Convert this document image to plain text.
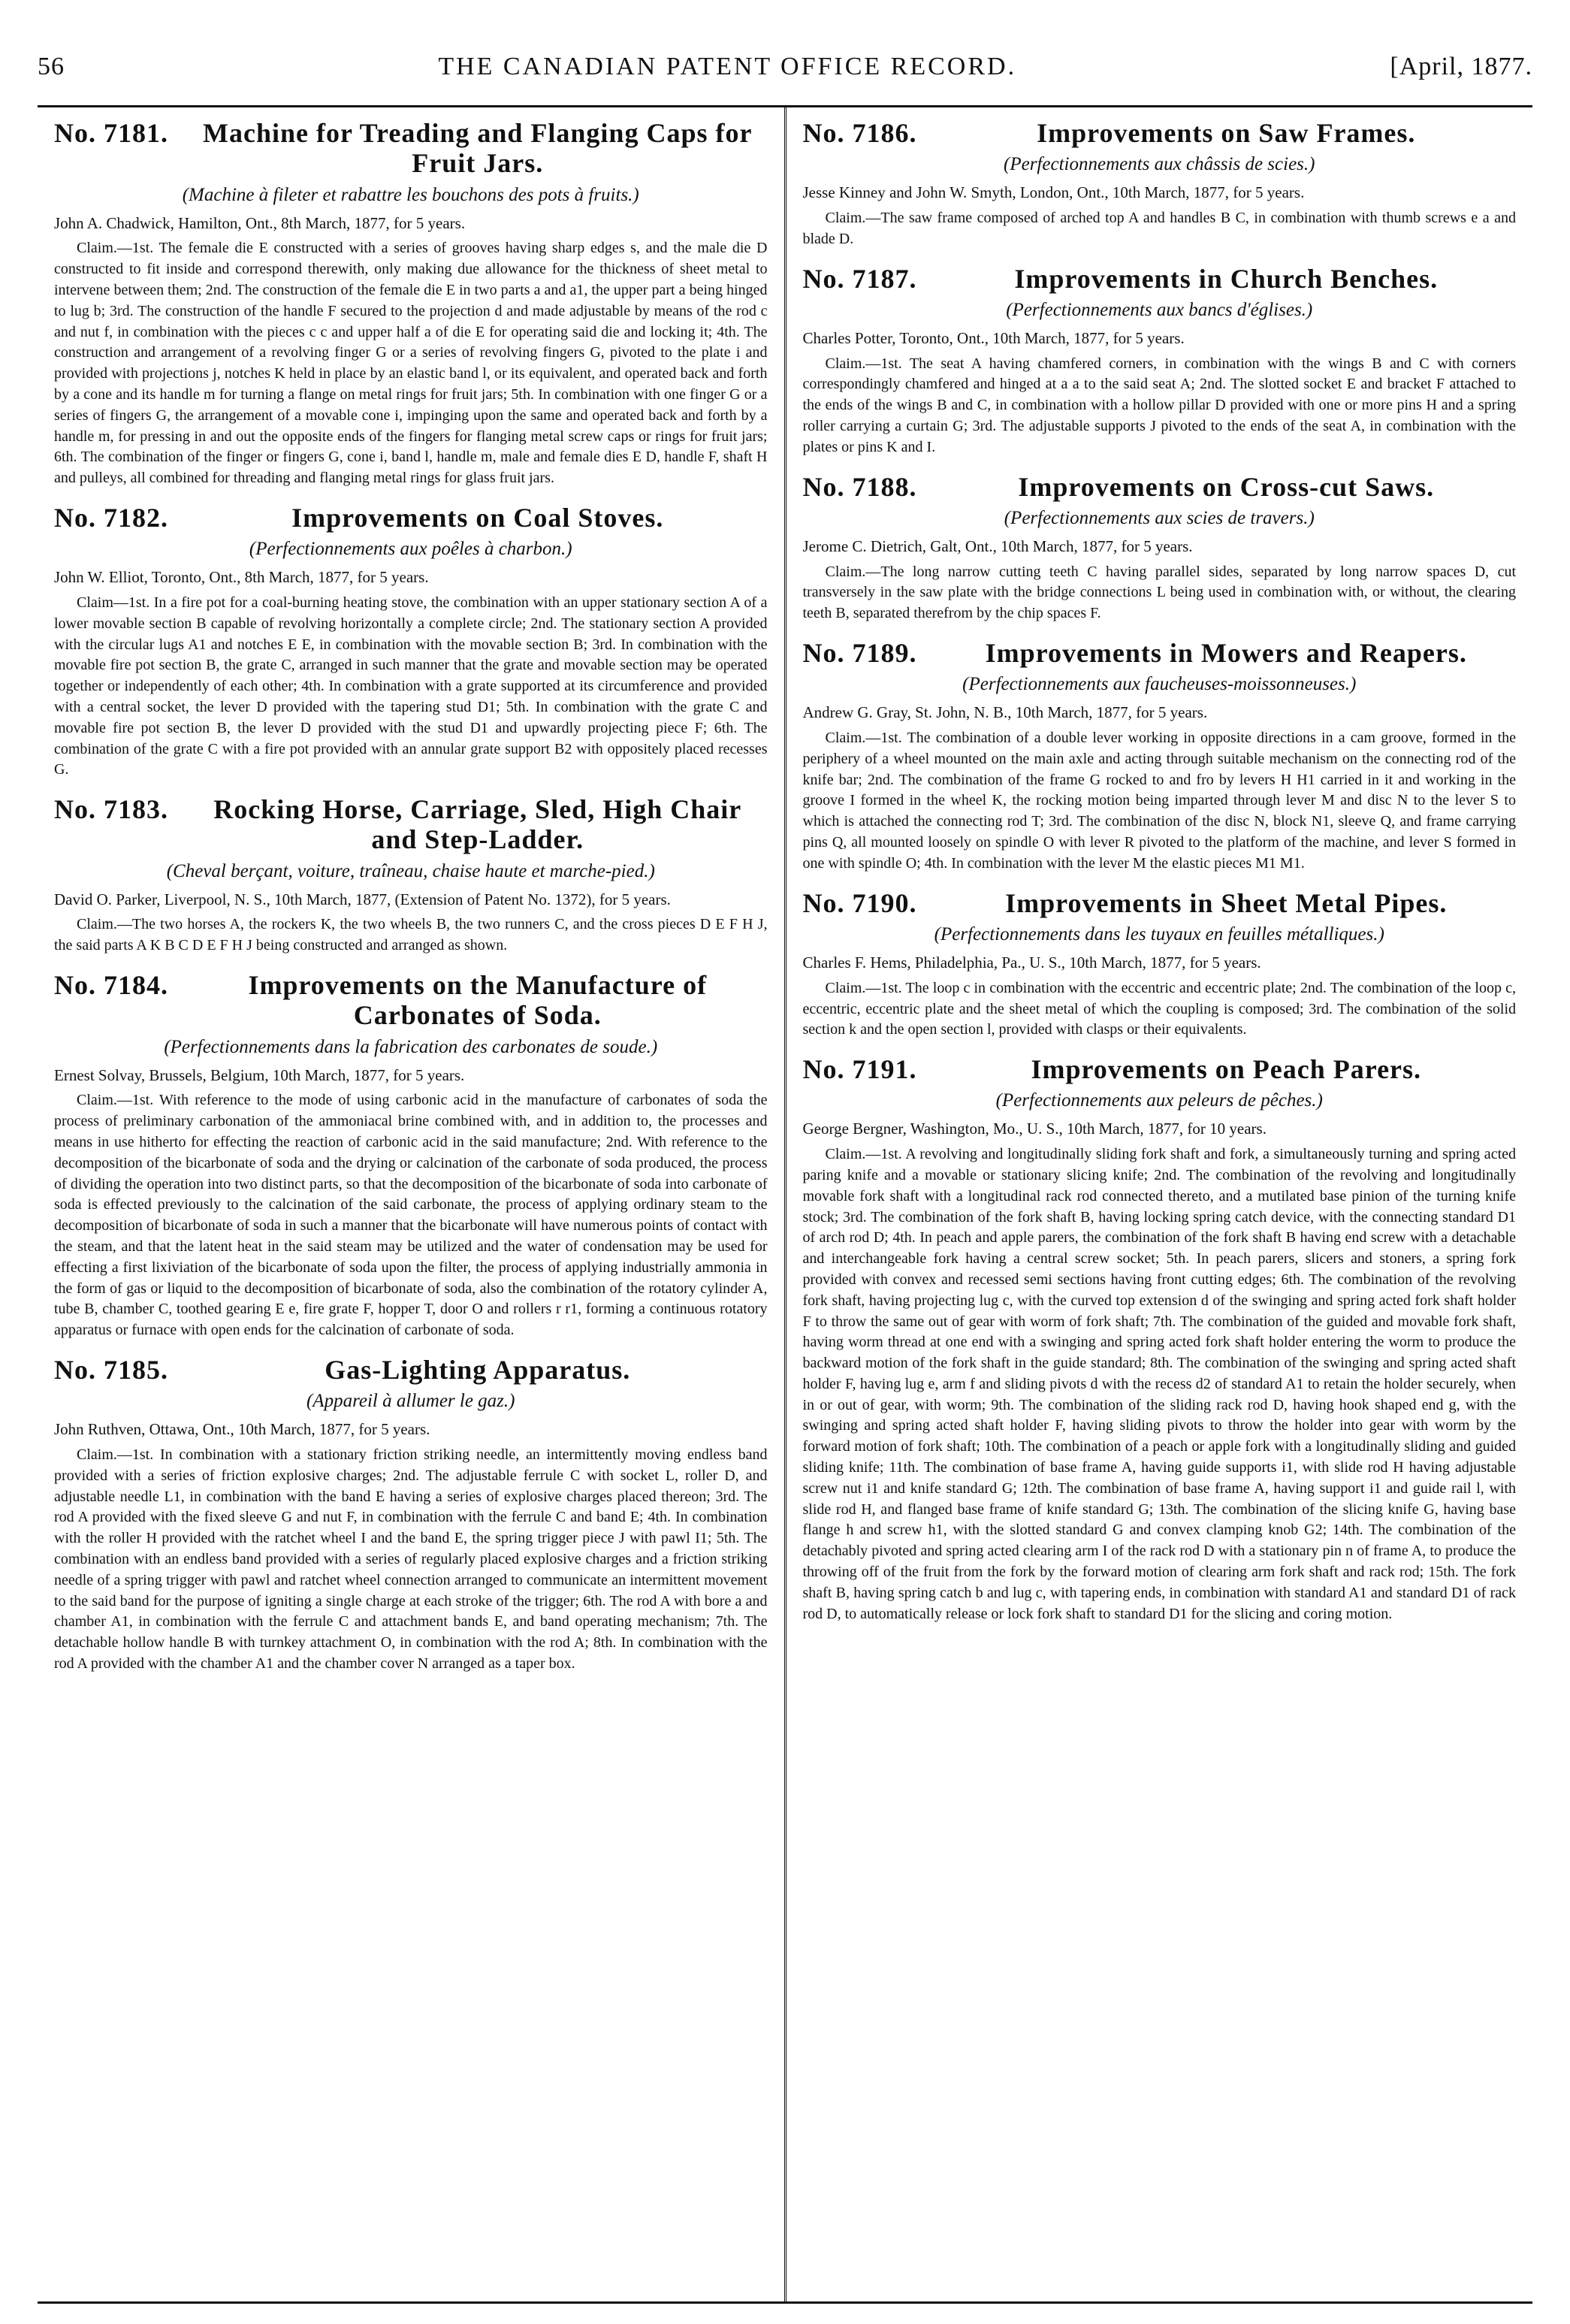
56	THE CANADIAN PATENT OFFICE RECORD.	[April, 1877.
No. 7181.	Machine for Treading and Flanging Caps for Fruit Jars.
(Machine à fileter et rabattre les bouchons des pots à fruits.)
John A. Chadwick, Hamilton, Ont., 8th March, 1877, for 5 years.

Claim.—1st. The female die E constructed with a series of grooves having sharp edges s, and the male die D constructed to fit inside and correspond therewith, only making due allowance for the thickness of sheet metal to intervene between them; 2nd. The construction of the female die E in two parts a and a1, the upper part a being hinged to lug b; 3rd. The construction of the handle F secured to the projection d and made adjustable by means of the rod c and nut f, in combination with the pieces c c and upper half a of die E for operating said die and locking it; 4th. The construction and arrangement of a revolving finger G or a series of revolving fingers G, pivoted to the plate i and provided with projections j, notches K held in place by an elastic band l, or its equivalent, and operated back and forth by a cone and its handle m for turning a flange on metal rings for fruit jars; 5th. In combination with one finger G or a series of fingers G, the arrangement of a movable cone i, impinging upon the same and operated back and forth by a handle m, for pressing in and out the opposite ends of the fingers for flanging metal screw caps or rings for fruit jars; 6th. The combination of the finger or fingers G, cone i, band l, handle m, male and female dies E D, handle F, shaft H and pulleys, all combined for threading and flanging metal rings for glass fruit jars.

No. 7182.	Improvements on Coal Stoves.
(Perfectionnements aux poêles à charbon.)
John W. Elliot, Toronto, Ont., 8th March, 1877, for 5 years.

Claim—1st. In a fire pot for a coal-burning heating stove, the combination with an upper stationary section A of a lower movable section B capable of revolving horizontally a complete circle; 2nd. The stationary section A provided with the circular lugs A1 and notches E E, in combination with the movable section B; 3rd. In combination with the movable fire pot section B, the grate C, arranged in such manner that the grate and movable section may be operated together or independently of each other; 4th. In combination with a grate supported at its circumference and provided with a central socket, the lever D provided with the tapering stud D1; 5th. In combination with the grate C and movable fire pot section B, the lever D provided with the stud D1 and upwardly projecting piece F; 6th. The combination of the grate C with a fire pot provided with an annular grate support B2 with oppositely placed recesses G.

No. 7183.	Rocking Horse, Carriage, Sled, High Chair and Step-Ladder.
(Cheval berçant, voiture, traîneau, chaise haute et marche-pied.)
David O. Parker, Liverpool, N. S., 10th March, 1877, (Extension of Patent No. 1372), for 5 years.

Claim.—The two horses A, the rockers K, the two wheels B, the two runners C, and the cross pieces D E F H J, the said parts A K B C D E F H J being constructed and arranged as shown.

No. 7184.	Improvements on the Manufacture of Carbonates of Soda.
(Perfectionnements dans la fabrication des carbonates de soude.)
Ernest Solvay, Brussels, Belgium, 10th March, 1877, for 5 years.

Claim.—1st. With reference to the mode of using carbonic acid in the manufacture of carbonates of soda the process of preliminary carbonation of the ammoniacal brine combined with, and in addition to, the processes and means in use hitherto for effecting the reaction of carbonic acid in the said manufacture; 2nd. With reference to the decomposition of the bicarbonate of soda and the drying or calcination of the carbonate of soda produced, the process of dividing the operation into two distinct parts, so that the decomposition of the bicarbonate of soda into carbonate of soda is effected previously to the calcination of the said carbonate, the process of applying ordinary steam to the decomposition of bicarbonate of soda in such a manner that the bicarbonate will have numerous points of contact with the steam, and that the latent heat in the said steam may be utilized and the water of condensation may be used for effecting a first lixiviation of the bicarbonate of soda upon the filter, the process of applying industrially ammonia in the form of gas or liquid to the decomposition of bicarbonate of soda, also the combination of the rotatory cylinder A, tube B, chamber C, toothed gearing E e, fire grate F, hopper T, door O and rollers r r1, forming a continuous rotatory apparatus or furnace with open ends for the calcination of carbonate of soda.

No. 7185.	Gas-Lighting Apparatus.
(Appareil à allumer le gaz.)
John Ruthven, Ottawa, Ont., 10th March, 1877, for 5 years.

Claim.—1st. In combination with a stationary friction striking needle, an intermittently moving endless band provided with a series of friction explosive charges; 2nd. The adjustable ferrule C with socket L, roller D, and adjustable needle L1, in combination with the band E having a series of explosive charges placed thereon; 3rd. The rod A provided with the fixed sleeve G and nut F, in combination with the ferrule C and band E; 4th. In combination with the roller H provided with the ratchet wheel I and the band E, the spring trigger piece J with pawl I1; 5th. The combination with an endless band provided with a series of regularly placed explosive charges and a friction striking needle of a spring trigger with pawl and ratchet wheel connection arranged to communicate an intermittent movement to the said band for the purpose of igniting a single charge at each stroke of the trigger; 6th. The rod A with bore a and chamber A1, in combination with the ferrule C and attachment bands E, and band operating mechanism; 7th. The detachable hollow handle B with turnkey attachment O, in combination with the rod A; 8th. In combination with the rod A provided with the chamber A1 and the chamber cover N arranged as a taper box.

No. 7186.	Improvements on Saw Frames.
(Perfectionnements aux châssis de scies.)
Jesse Kinney and John W. Smyth, London, Ont., 10th March, 1877, for 5 years.

Claim.—The saw frame composed of arched top A and handles B C, in combination with thumb screws e a and blade D.

No. 7187.	Improvements in Church Benches.
(Perfectionnements aux bancs d'églises.)
Charles Potter, Toronto, Ont., 10th March, 1877, for 5 years.

Claim.—1st. The seat A having chamfered corners, in combination with the wings B and C with corners correspondingly chamfered and hinged at a a to the said seat A; 2nd. The slotted socket E and bracket F attached to the ends of the wings B and C, in combination with a hollow pillar D provided with one or more pins H and a spring roller carrying a curtain G; 3rd. The adjustable supports J pivoted to the ends of the seat A, in combination with the plates or pins K and I.

No. 7188.	Improvements on Cross-cut Saws.
(Perfectionnements aux scies de travers.)
Jerome C. Dietrich, Galt, Ont., 10th March, 1877, for 5 years.

Claim.—The long narrow cutting teeth C having parallel sides, separated by long narrow spaces D, cut transversely in the saw plate with the bridge connections L being used in combination with, or without, the clearing teeth B, separated therefrom by the chip spaces F.

No. 7189.	Improvements in Mowers and Reapers.
(Perfectionnements aux faucheuses-moissonneuses.)
Andrew G. Gray, St. John, N. B., 10th March, 1877, for 5 years.

Claim.—1st. The combination of a double lever working in opposite directions in a cam groove, formed in the periphery of a wheel mounted on the main axle and acting through suitable mechanism on the connecting rod of the knife bar; 2nd. The combination of the frame G rocked to and fro by levers H H1 carried in it and working in the groove I formed in the wheel K, the rocking motion being imparted through lever M and disc N to the lever S to which is attached the connecting rod T; 3rd. The combination of the disc N, block N1, sleeve Q, and frame carrying pins Q, all mounted loosely on spindle O with lever R pivoted to the platform of the machine, and lever S formed in one with spindle O; 4th. In combination with the lever M the elastic pieces M1 M1.

No. 7190.	Improvements in Sheet Metal Pipes.
(Perfectionnements dans les tuyaux en feuilles métalliques.)
Charles F. Hems, Philadelphia, Pa., U. S., 10th March, 1877, for 5 years.

Claim.—1st. The loop c in combination with the eccentric and eccentric plate; 2nd. The combination of the loop c, eccentric, eccentric plate and the sheet metal of which the coupling is composed; 3rd. The combination of the solid section k and the open section l, provided with clasps or their equivalents.

No. 7191.	Improvements on Peach Parers.
(Perfectionnements aux peleurs de pêches.)
George Bergner, Washington, Mo., U. S., 10th March, 1877, for 10 years.

Claim.—1st. A revolving and longitudinally sliding fork shaft and fork, a simultaneously turning and spring acted paring knife and a movable or stationary slicing knife; 2nd. The combination of the revolving and longitudinally movable fork shaft with a longitudinal rack rod connected thereto, and a mutilated base pinion of the turning knife stock; 3rd. The combination of the fork shaft B, having locking spring catch device, with the connecting standard D1 of arch rod D; 4th. In peach and apple parers, the combination of the fork shaft B having end screw with a detachable and interchangeable fork having a central screw socket; 5th. In peach parers, slicers and stoners, a spring fork provided with convex and recessed semi sections having front cutting edges; 6th. The combination of the revolving fork shaft, having projecting lug c, with the curved top extension d of the swinging and spring acted fork shaft holder F to throw the same out of gear with worm of fork shaft; 7th. The combination of the guided and movable fork shaft, having worm thread at one end with a swinging and spring acted fork shaft holder entering the worm to produce the backward motion of the fork shaft in the guide standard; 8th. The combination of the swinging and spring acted shaft holder F, having lug e, arm f and sliding pivots d with the recess d2 of standard A1 to retain the holder securely, when in or out of gear, with worm; 9th. The combination of the sliding rack rod D, having hook shaped end g, with the swinging and spring acted shaft holder F, having sliding pivots to throw the holder into gear with worm by the forward motion of fork shaft; 10th. The combination of a peach or apple fork with a longitudinally sliding and guided sliding knife; 11th. The combination of base frame A, having guide supports i1, with slide rod H having adjustable screw nut i1 and knife standard G; 12th. The combination of base frame A, having support i1 and guide rail l, with slide rod H, and flanged base frame of knife standard G; 13th. The combination of the slicing knife G, having base flange h and screw h1, with the slotted standard G and convex clamping knob G2; 14th. The combination of the detachably pivoted and spring acted clearing arm I of the rack rod D with a stationary pin n of frame A, to produce the throwing off of the fruit from the fork by the forward motion of clearing arm fork shaft and rack rod; 15th. The fork shaft B, having spring catch b and lug c, with tapering ends, in combination with standard A1 and standard D1 of rack rod D, to automatically release or lock fork shaft to standard D1 for the slicing and coring motion.
